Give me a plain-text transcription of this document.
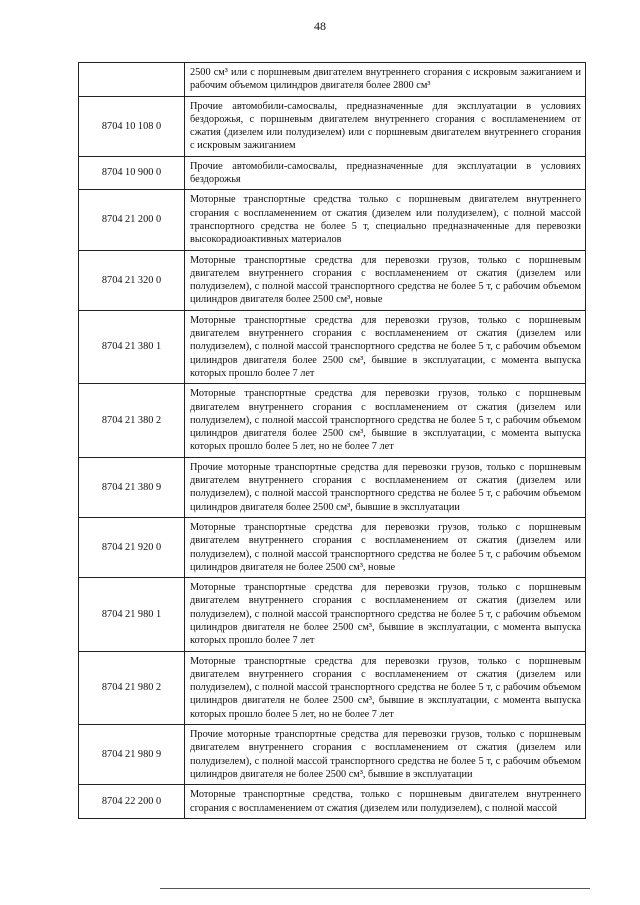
48
	2500 см³ или с поршневым двигателем внутреннего сгорания с искровым зажиганием и рабочим объемом цилиндров двигателя более 2800 см³
8704 10 108 0	Прочие автомобили-самосвалы, предназначенные для эксплуатации в условиях бездорожья, с поршневым двигателем внутреннего сгорания с воспламенением от сжатия (дизелем или полудизелем) или с поршневым двигателем внутреннего сгорания с искровым зажиганием
8704 10 900 0	Прочие автомобили-самосвалы, предназначенные для эксплуатации в условиях бездорожья
8704 21 200 0	Моторные транспортные средства только с поршневым двигателем внутреннего сгорания с воспламенением от сжатия (дизелем или полудизелем), с полной массой транспортного средства не более 5 т, специально предназначенные для перевозки высокорадиоактивных материалов
8704 21 320 0	Моторные транспортные средства для перевозки грузов, только с поршневым двигателем внутреннего сгорания с воспламенением от сжатия (дизелем или полудизелем), с полной массой транспортного средства не более 5 т, с рабочим объемом цилиндров двигателя более 2500 см³, новые
8704 21 380 1	Моторные транспортные средства для перевозки грузов, только с поршневым двигателем внутреннего сгорания с воспламенением от сжатия (дизелем или полудизелем), с полной массой транспортного средства не более 5 т, с рабочим объемом цилиндров двигателя более 2500 см³, бывшие в эксплуатации, с момента выпуска которых прошло более 7 лет
8704 21 380 2	Моторные транспортные средства для перевозки грузов, только с поршневым двигателем внутреннего сгорания с воспламенением от сжатия (дизелем или полудизелем), с полной массой транспортного средства не более 5 т, с рабочим объемом цилиндров двигателя более 2500 см³, бывшие в эксплуатации, с момента выпуска которых прошло более 5 лет, но не более 7 лет
8704 21 380 9	Прочие моторные транспортные средства для перевозки грузов, только с поршневым двигателем внутреннего сгорания с воспламенением от сжатия (дизелем или полудизелем), с полной массой транспортного средства не более 5 т, с рабочим объемом цилиндров двигателя более 2500 см³, бывшие в эксплуатации
8704 21 920 0	Моторные транспортные средства для перевозки грузов, только с поршневым двигателем внутреннего сгорания с воспламенением от сжатия (дизелем или полудизелем), с полной массой транспортного средства не более 5 т, с рабочим объемом цилиндров двигателя не более 2500 см³, новые
8704 21 980 1	Моторные транспортные средства для перевозки грузов, только с поршневым двигателем внутреннего сгорания с воспламенением от сжатия (дизелем или полудизелем), с полной массой транспортного средства не более 5 т, с рабочим объемом цилиндров двигателя не более 2500 см³, бывшие в эксплуатации, с момента выпуска которых прошло более 7 лет
8704 21 980 2	Моторные транспортные средства для перевозки грузов, только с поршневым двигателем внутреннего сгорания с воспламенением от сжатия (дизелем или полудизелем), с полной массой транспортного средства не более 5 т, с рабочим объемом цилиндров двигателя не более 2500 см³, бывшие в эксплуатации, с момента выпуска которых прошло более 5 лет, но не более 7 лет
8704 21 980 9	Прочие моторные транспортные средства для перевозки грузов, только с поршневым двигателем внутреннего сгорания с воспламенением от сжатия (дизелем или полудизелем), с полной массой транспортного средства не более 5 т, с рабочим объемом цилиндров двигателя не более 2500 см³, бывшие в эксплуатации
8704 22 200 0	Моторные транспортные средства, только с поршневым двигателем внутреннего сгорания с воспламенением от сжатия (дизелем или полудизелем), с полной массой
